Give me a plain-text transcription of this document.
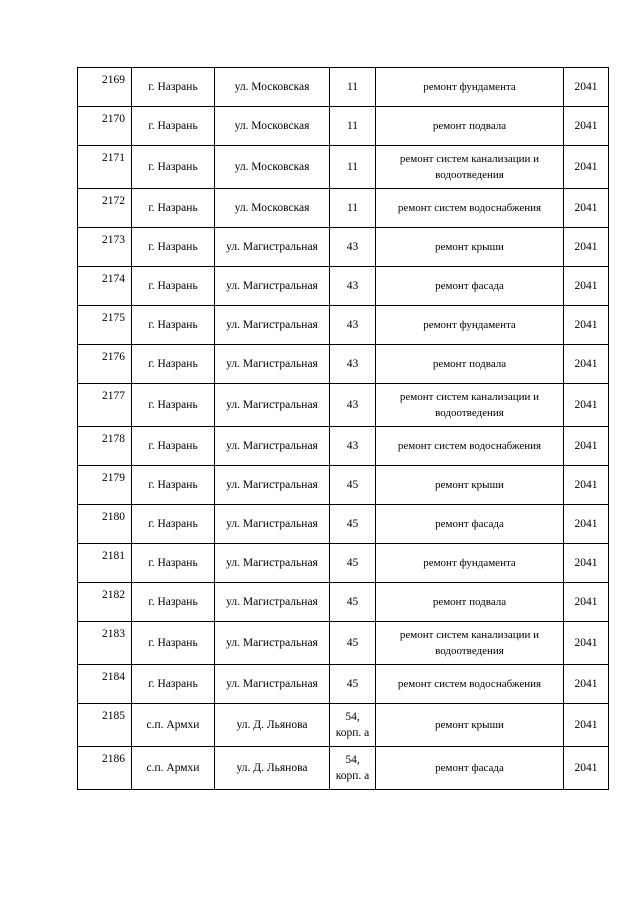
2169	г. Назрань	ул. Московская	11	ремонт фундамента	2041
2170	г. Назрань	ул. Московская	11	ремонт подвала	2041
2171	г. Назрань	ул. Московская	11	ремонт систем канализации и водоотведения	2041
2172	г. Назрань	ул. Московская	11	ремонт систем водоснабжения	2041
2173	г. Назрань	ул. Магистральная	43	ремонт крыши	2041
2174	г. Назрань	ул. Магистральная	43	ремонт фасада	2041
2175	г. Назрань	ул. Магистральная	43	ремонт фундамента	2041
2176	г. Назрань	ул. Магистральная	43	ремонт подвала	2041
2177	г. Назрань	ул. Магистральная	43	ремонт систем канализации и водоотведения	2041
2178	г. Назрань	ул. Магистральная	43	ремонт систем водоснабжения	2041
2179	г. Назрань	ул. Магистральная	45	ремонт крыши	2041
2180	г. Назрань	ул. Магистральная	45	ремонт фасада	2041
2181	г. Назрань	ул. Магистральная	45	ремонт фундамента	2041
2182	г. Назрань	ул. Магистральная	45	ремонт подвала	2041
2183	г. Назрань	ул. Магистральная	45	ремонт систем канализации и водоотведения	2041
2184	г. Назрань	ул. Магистральная	45	ремонт систем водоснабжения	2041
2185	с.п. Армхи	ул. Д. Льянова	54, корп. а	ремонт крыши	2041
2186	с.п. Армхи	ул. Д. Льянова	54, корп. а	ремонт фасада	2041
